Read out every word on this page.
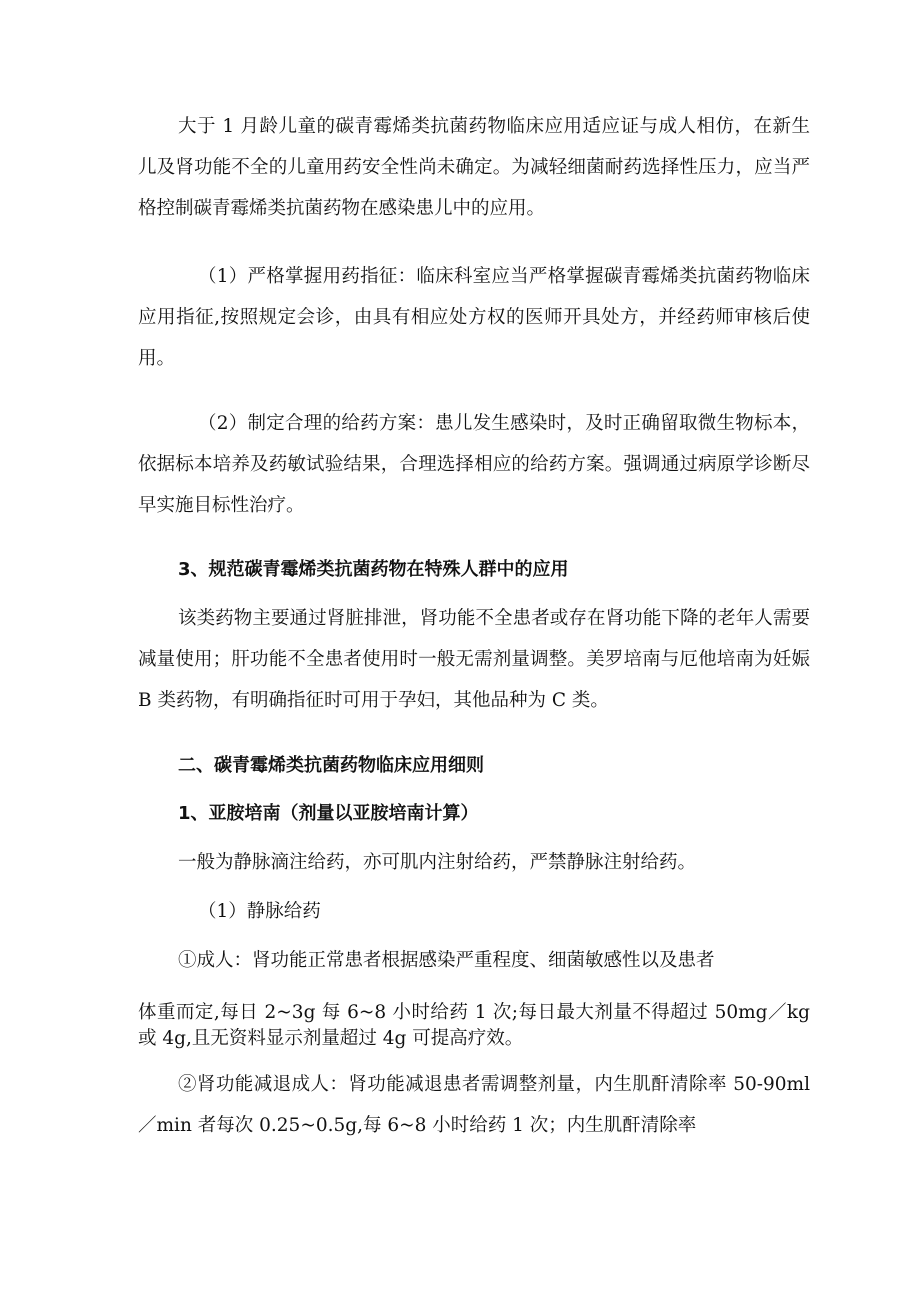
大于 1 月龄儿童的碳青霉烯类抗菌药物临床应用适应证与成人相仿，在新生儿及肾功能不全的儿童用药安全性尚未确定。为减轻细菌耐药选择性压力，应当严格控制碳青霉烯类抗菌药物在感染患儿中的应用。

（1）严格掌握用药指征：临床科室应当严格掌握碳青霉烯类抗菌药物临床应用指征,按照规定会诊，由具有相应处方权的医师开具处方，并经药师审核后使用。

（2）制定合理的给药方案：患儿发生感染时，及时正确留取微生物标本，依据标本培养及药敏试验结果，合理选择相应的给药方案。强调通过病原学诊断尽早实施目标性治疗。

3、规范碳青霉烯类抗菌药物在特殊人群中的应用

该类药物主要通过肾脏排泄，肾功能不全患者或存在肾功能下降的老年人需要减量使用；肝功能不全患者使用时一般无需剂量调整。美罗培南与厄他培南为妊娠 B 类药物，有明确指征时可用于孕妇，其他品种为 C 类。

二、碳青霉烯类抗菌药物临床应用细则

1、亚胺培南（剂量以亚胺培南计算）

一般为静脉滴注给药，亦可肌内注射给药，严禁静脉注射给药。

（1）静脉给药

①成人：肾功能正常患者根据感染严重程度、细菌敏感性以及患者

体重而定,每日 2~3g 每 6~8 小时给药 1 次;每日最大剂量不得超过 50mg／kg 或 4g,且无资料显示剂量超过 4g 可提高疗效。

②肾功能减退成人：肾功能减退患者需调整剂量，内生肌酐清除率 50-90ml／min 者每次 0.25~0.5g,每 6~8 小时给药 1 次；内生肌酐清除率
